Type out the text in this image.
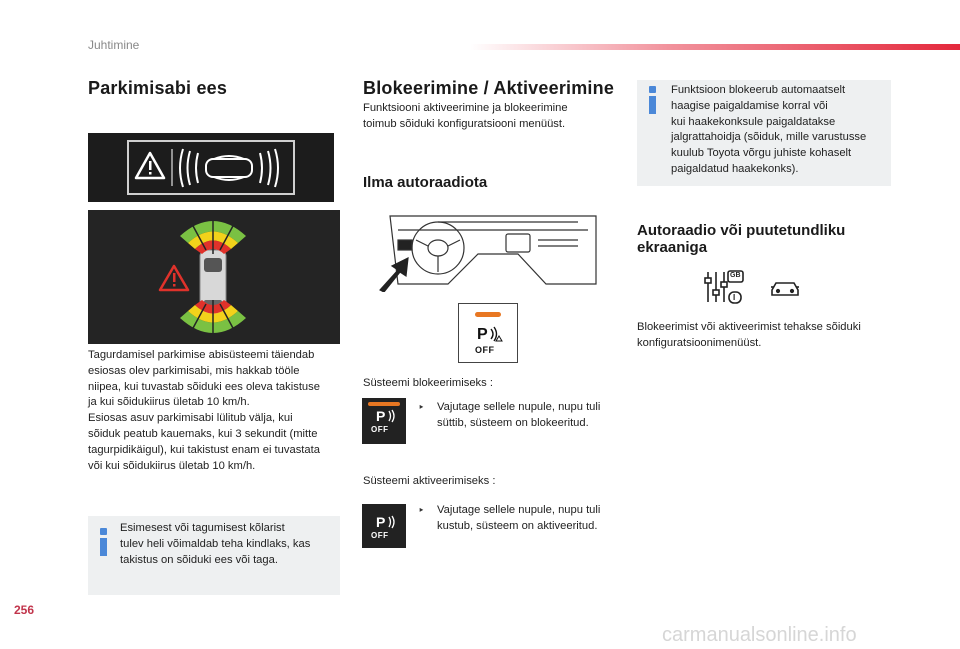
Juhtimine
Parkimisabi ees
Tagurdamisel parkimise abisüsteemi täiendab
esiosas olev parkimisabi, mis hakkab tööle
niipea, kui tuvastab sõiduki ees oleva takistuse
ja kui sõidukiirus ületab 10 km/h.
Esiosas asuv parkimisabi lülitub välja, kui
sõiduk peatub kauemaks, kui 3 sekundit (mitte
tagurpidikäigul), kui takistust enam ei tuvastata
või kui sõidukiirus ületab 10 km/h.
Esimesest või tagumisest kõlarist
tulev heli võimaldab teha kindlaks, kas
takistus on sõiduki ees või taga.
Blokeerimine / Aktiveerimine
Funktsiooni aktiveerimine ja blokeerimine
toimub sõiduki konfiguratsiooni menüüst.
Ilma autoraadiota
P
OFF
Süsteemi blokeerimiseks :
P
OFF
‣ Vajutage sellele nupule, nupu tuli
süttib, süsteem on blokeeritud.
Süsteemi aktiveerimiseks :
P
OFF
‣ Vajutage sellele nupule, nupu tuli
kustub, süsteem on aktiveeritud.
Funktsioon blokeerub automaatselt
haagise paigaldamise korral või
kui haakekonksule paigaldatakse
jalgrattahoidja (sõiduk, mille varustusse
kuulub Toyota võrgu juhiste kohaselt
paigaldatud haakekonks).
Autoraadio või puutetundliku
ekraaniga
GB
I
Blokeerimist või aktiveerimist tehakse sõiduki
konfiguratsioonimenüüst.
256
carmanualsonline.info
